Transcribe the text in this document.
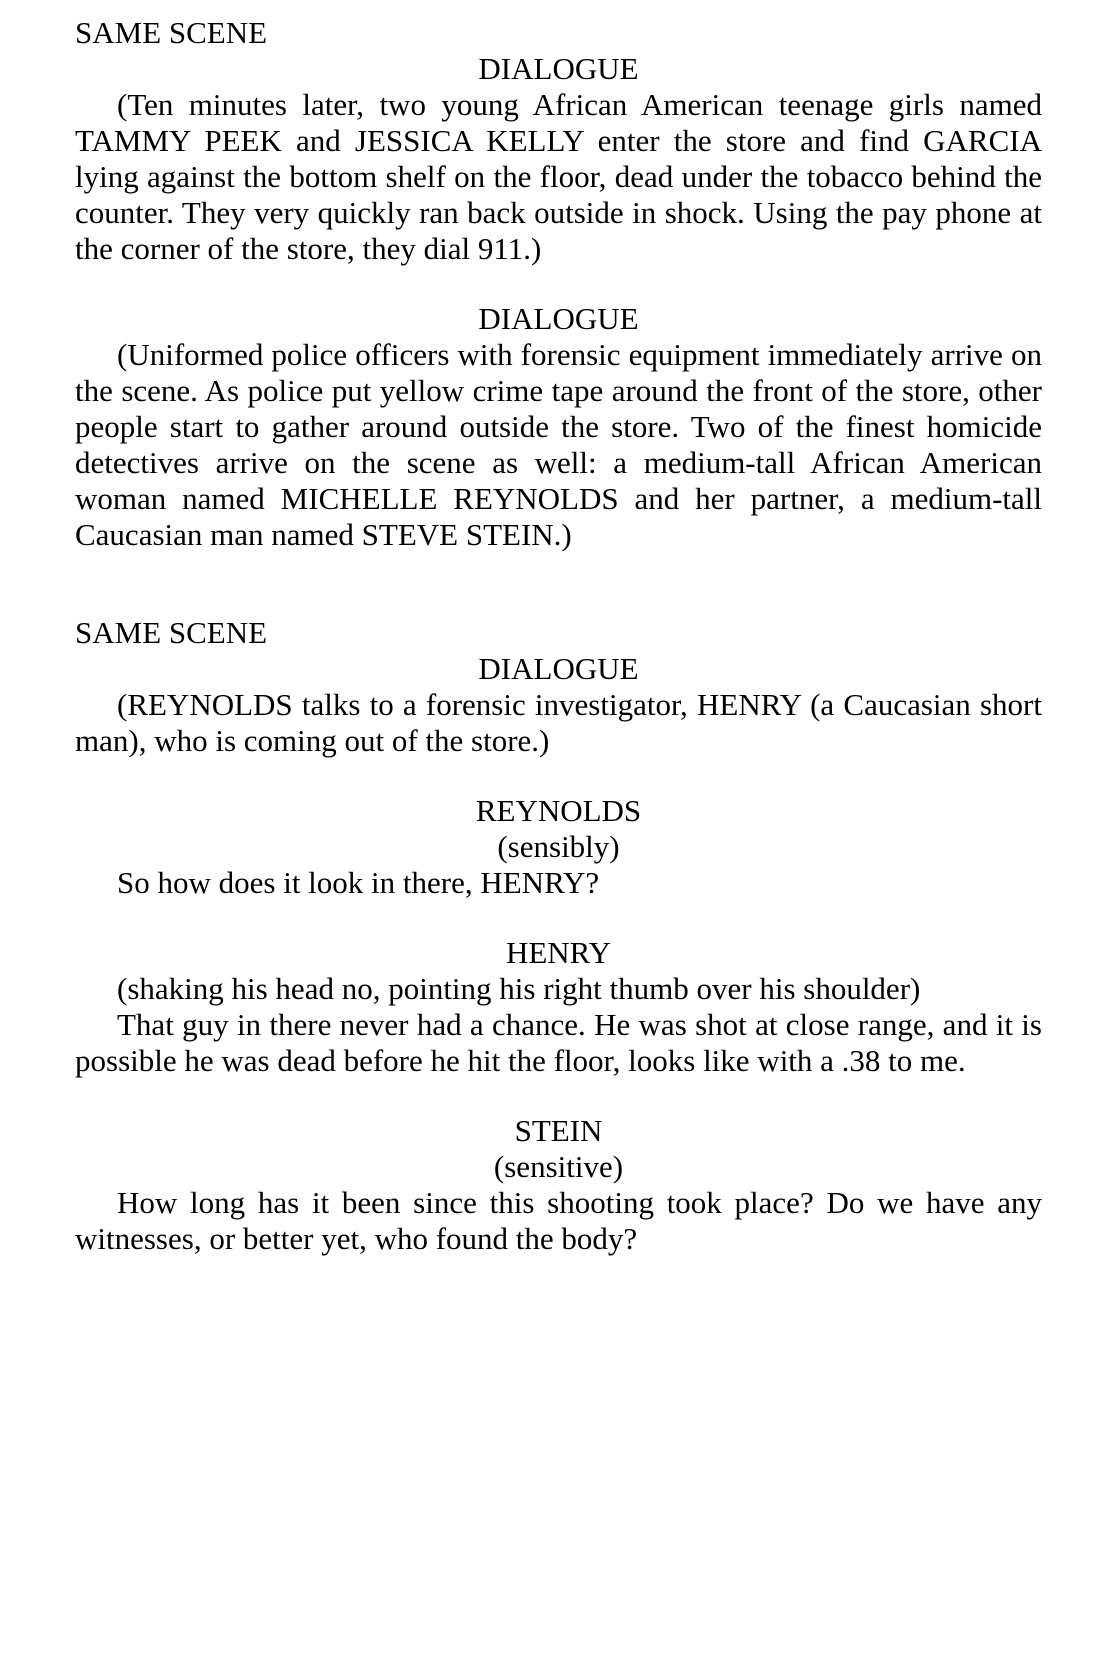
SAME SCENE
DIALOGUE

(Ten minutes later, two young African American teenage girls named TAMMY PEEK and JESSICA KELLY enter the store and find GARCIA lying against the bottom shelf on the floor, dead under the tobacco behind the counter. They very quickly ran back outside in shock. Using the pay phone at the corner of the store, they dial 911.)

DIALOGUE

(Uniformed police officers with forensic equipment immediately arrive on the scene. As police put yellow crime tape around the front of the store, other people start to gather around outside the store. Two of the finest homicide detectives arrive on the scene as well: a medium-tall African American woman named MICHELLE REYNOLDS and her partner, a medium-tall Caucasian man named STEVE STEIN.)

SAME SCENE
DIALOGUE

(REYNOLDS talks to a forensic investigator, HENRY (a Caucasian short man), who is coming out of the store.)

REYNOLDS
(sensibly)
So how does it look in there, HENRY?
HENRY
(shaking his head no, pointing his right thumb over his shoulder)

That guy in there never had a chance. He was shot at close range, and it is possible he was dead before he hit the floor, looks like with a .38 to me.

STEIN
(sensitive)

How long has it been since this shooting took place? Do we have any witnesses, or better yet, who found the body?
